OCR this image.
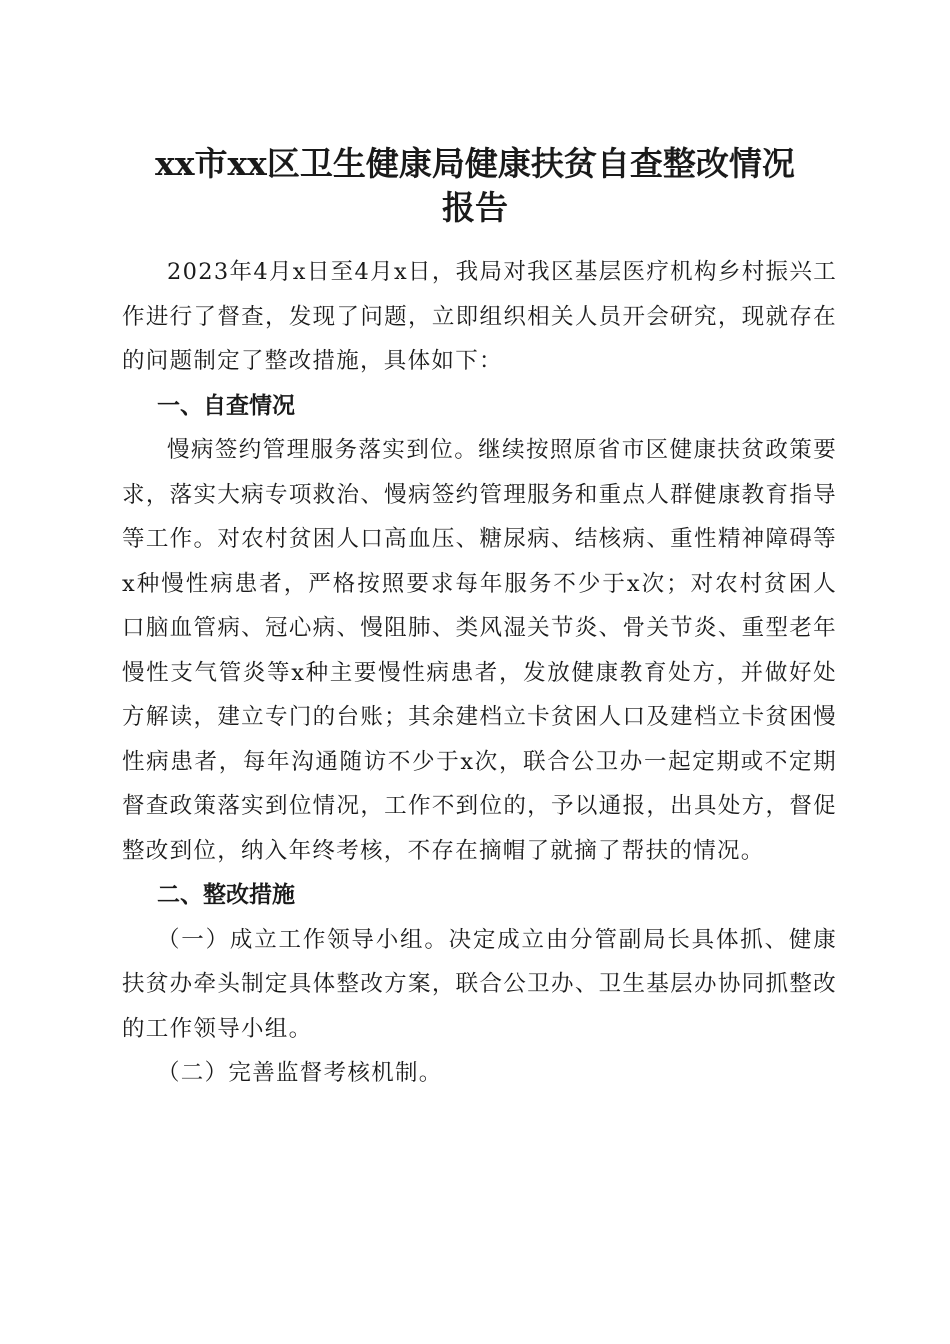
xx市xx区卫生健康局健康扶贫自查整改情况
报告

2023年4月x日至4月x日，我局对我区基层医疗机构乡村振兴工作进行了督查，发现了问题，立即组织相关人员开会研究，现就存在的问题制定了整改措施，具体如下：

一、自查情况

慢病签约管理服务落实到位。继续按照原省市区健康扶贫政策要求，落实大病专项救治、慢病签约管理服务和重点人群健康教育指导等工作。对农村贫困人口高血压、糖尿病、结核病、重性精神障碍等x种慢性病患者，严格按照要求每年服务不少于x次；对农村贫困人口脑血管病、冠心病、慢阻肺、类风湿关节炎、骨关节炎、重型老年慢性支气管炎等x种主要慢性病患者，发放健康教育处方，并做好处方解读，建立专门的台账；其余建档立卡贫困人口及建档立卡贫困慢性病患者，每年沟通随访不少于x次，联合公卫办一起定期或不定期督查政策落实到位情况，工作不到位的，予以通报，出具处方，督促整改到位，纳入年终考核，不存在摘帽了就摘了帮扶的情况。

二、整改措施

（一）成立工作领导小组。决定成立由分管副局长具体抓、健康扶贫办牵头制定具体整改方案，联合公卫办、卫生基层办协同抓整改的工作领导小组。

（二）完善监督考核机制。
